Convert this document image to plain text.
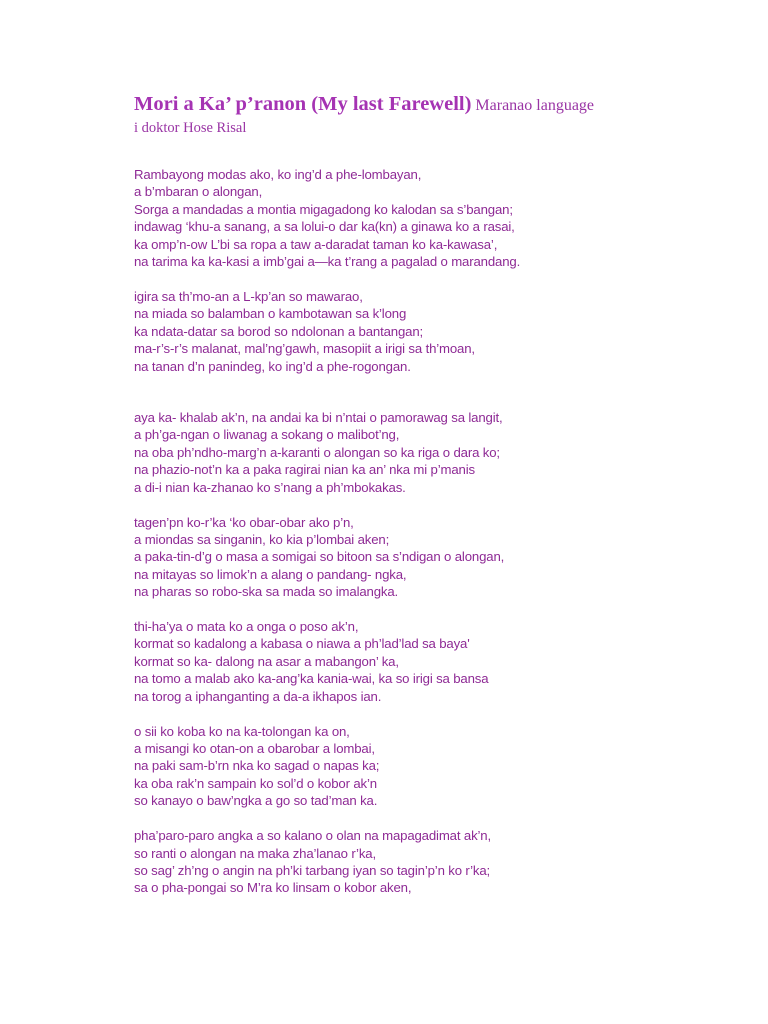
Mori a Ka’ p’ranon (My last Farewell) Maranao language

i doktor Hose Risal

Rambayong modas ako, ko ing’d a phe-lombayan,
a b’mbaran o alongan,
Sorga a mandadas a montia migagadong ko kalodan sa s’bangan;
indawag ‘khu-a sanang, a sa lolui-o dar ka(kn) a ginawa ko a rasai,
ka omp’n-ow L’bi sa ropa a taw a-daradat taman ko ka-kawasa’,
na tarima ka ka-kasi a imb’gai a—ka t’rang a pagalad o marandang.
igira sa th’mo-an a L-kp’an so mawarao,
na miada so balamban o kambotawan sa k’long
ka ndata-datar sa borod so ndolonan a bantangan;
ma-r’s-r’s malanat, mal’ng’gawh, masopiit a irigi sa th’moan,
na tanan d’n panindeg, ko ing’d a phe-rogongan.
aya ka- khalab ak’n, na andai ka bi n’ntai o pamorawag sa langit,
a ph’ga-ngan o liwanag a sokang o malibot’ng,
na oba ph’ndho-marg’n a-karanti o alongan so ka riga o dara ko;
na phazio-not’n ka a paka ragirai nian ka an’ nka mi p’manis
a di-i nian ka-zhanao ko s’nang a ph’mbokakas.
tagen’pn ko-r’ka ‘ko obar-obar ako p’n,
a miondas sa singanin, ko kia p’lombai aken;
a paka-tin-d’g o masa a somigai so bitoon sa s’ndigan o alongan,
na mitayas so limok’n a alang o pandang- ngka,
na pharas so robo-ska sa mada so imalangka.
thi-ha’ya o mata ko a onga o poso ak’n,
kormat so kadalong a kabasa o niawa a ph’lad’lad sa baya'
kormat so ka- dalong na asar a mabangon’ ka,
na tomo a malab ako ka-ang’ka kania-wai, ka so irigi sa bansa
na torog a iphanganting a da-a ikhapos ian.
o sii ko koba ko na ka-tolongan ka on,
a misangi ko otan-on a obarobar a lombai,
na paki sam-b’rn nka ko sagad o napas ka;
ka oba rak’n sampain ko sol’d o kobor ak’n
so kanayo o baw’ngka a go so tad’man ka.
pha’paro-paro angka a so kalano o olan na mapagadimat ak’n,
so ranti o alongan na maka zha’lanao r’ka,
so sag’ zh’ng o angin na ph’ki tarbang iyan so tagin’p’n ko r’ka;
sa o pha-pongai so M’ra ko linsam o kobor aken,
